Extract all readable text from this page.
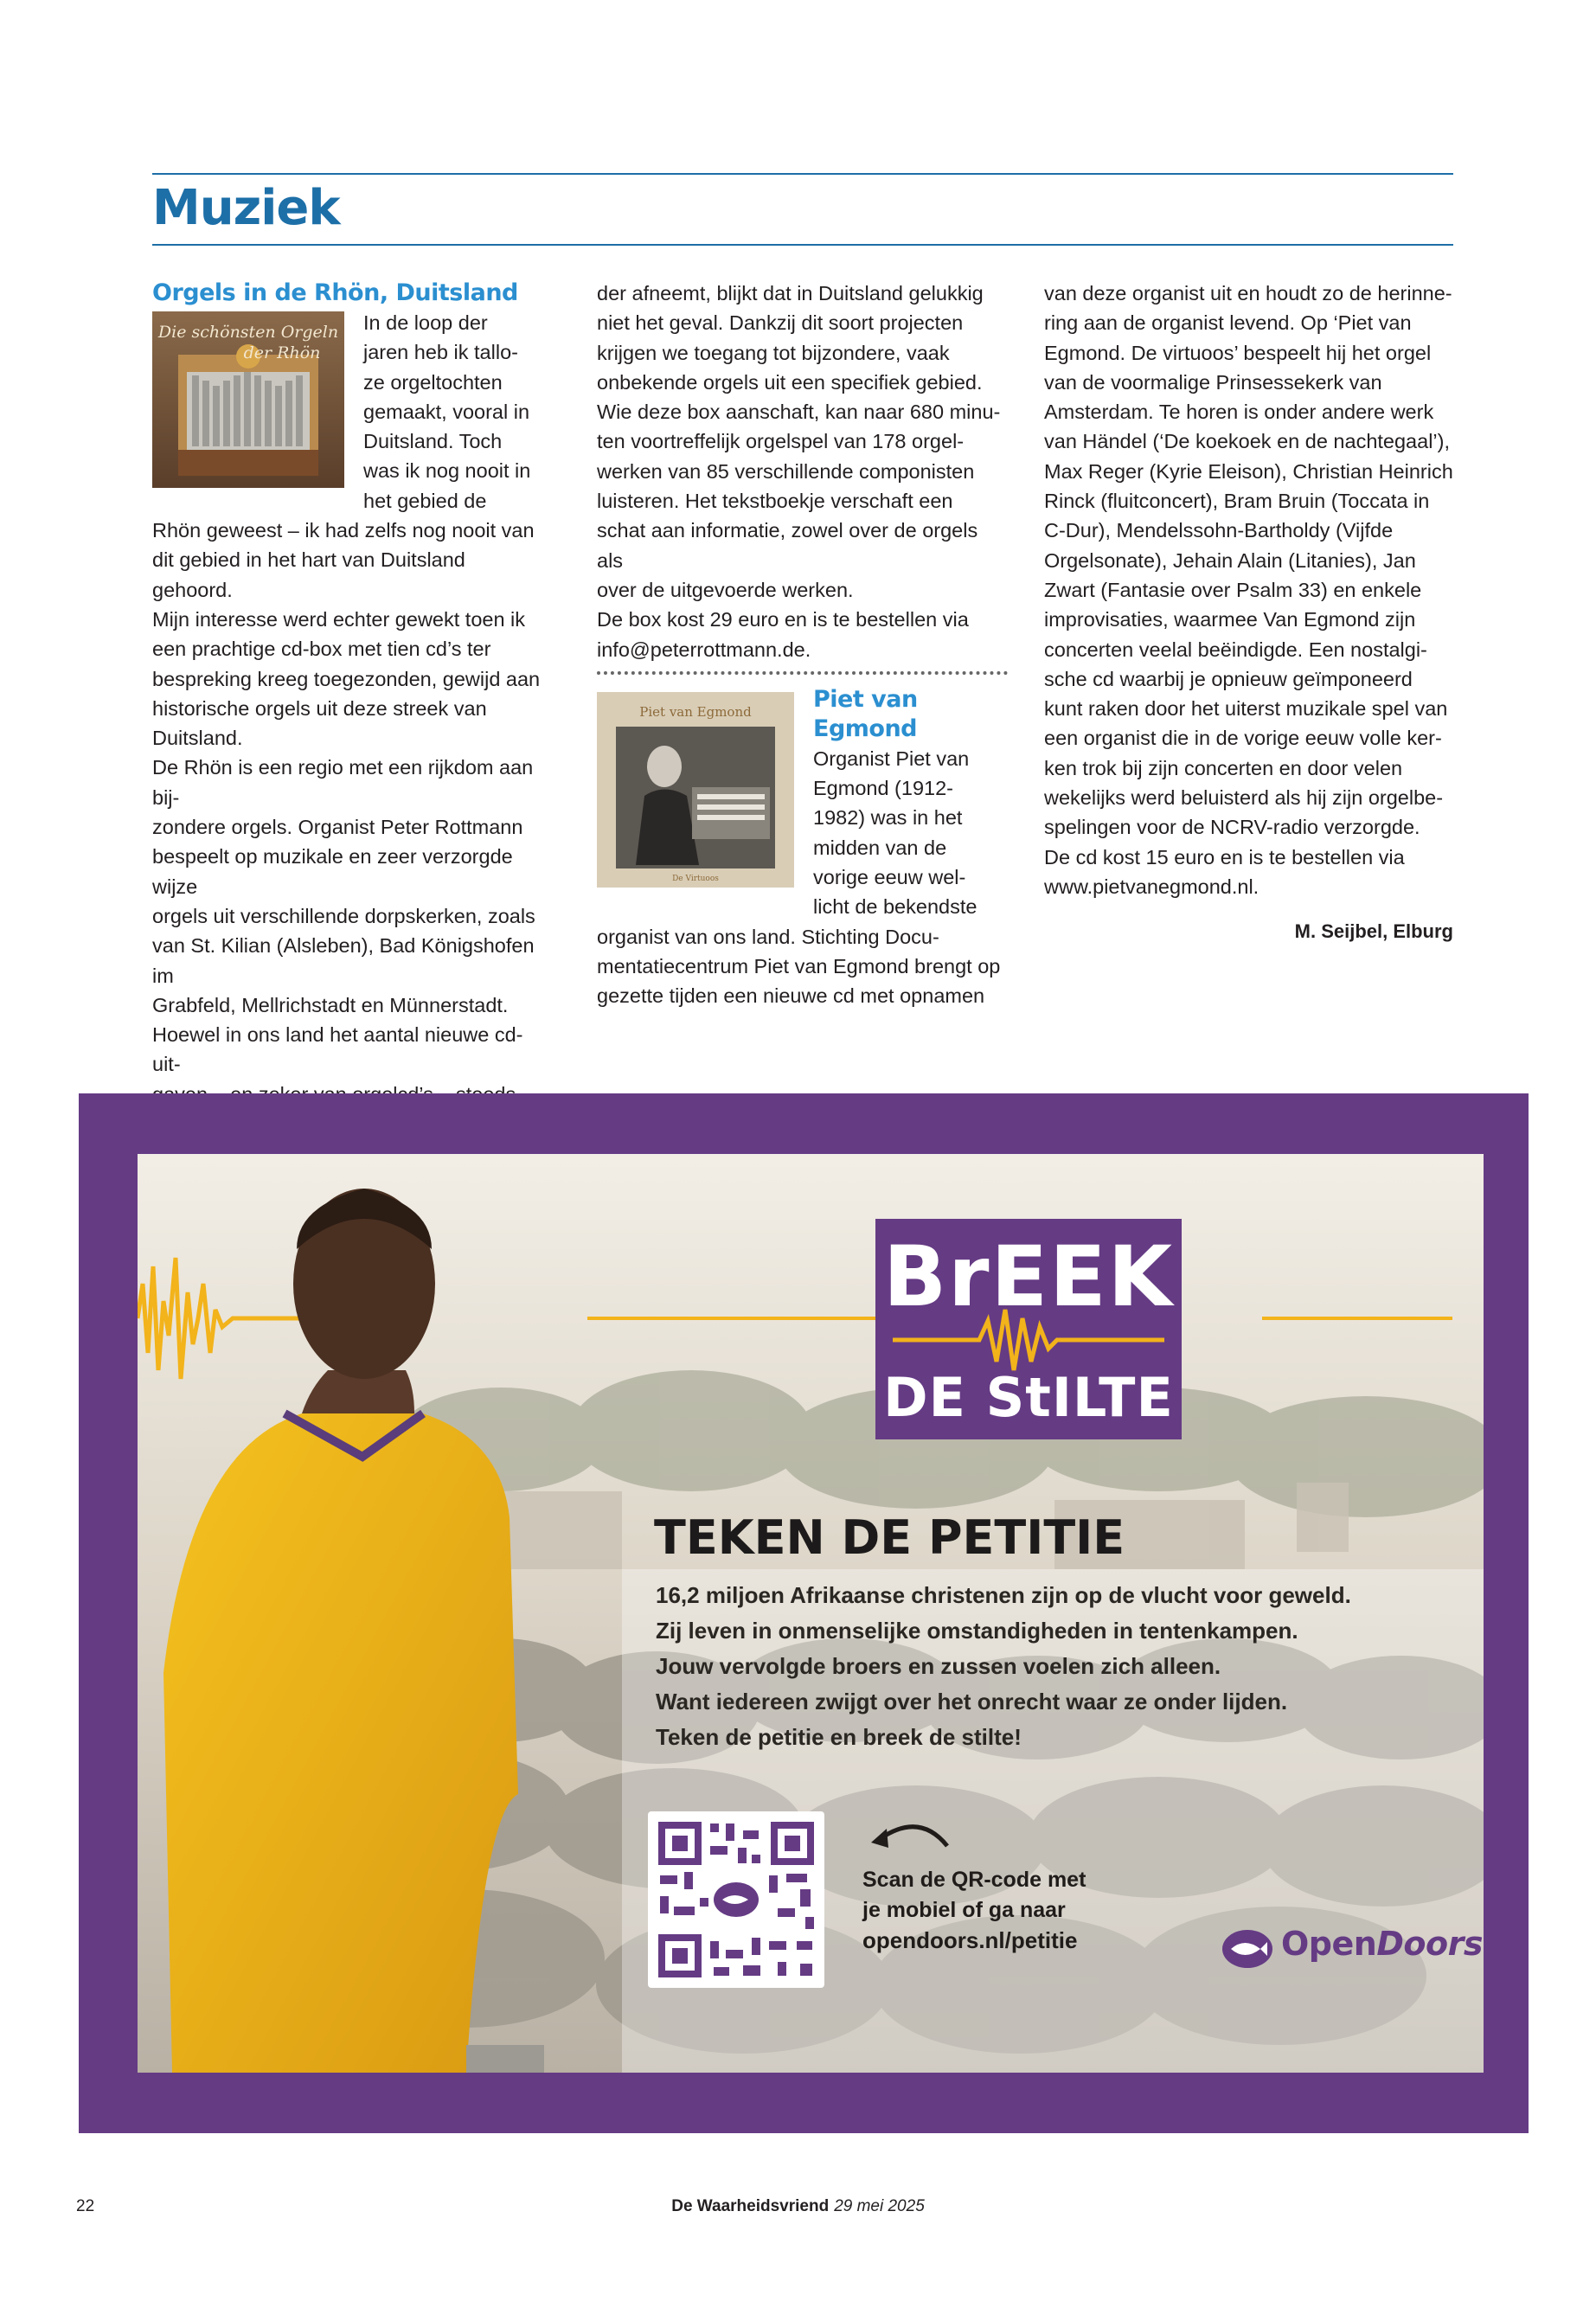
Muziek
Orgels in de Rhön, Duitsland
Die schönsten Orgeln
der Rhön

In de loop der

jaren heb ik tallo-

ze orgeltochten

gemaakt, vooral in

Duitsland. Toch

was ik nog nooit in

het gebied de

Rhön geweest – ik had zelfs nog nooit van

dit gebied in het hart van Duitsland gehoord.

Mijn interesse werd echter gewekt toen ik

een prachtige cd-box met tien cd’s ter

bespreking kreeg toegezonden, gewijd aan

historische orgels uit deze streek van

Duitsland.

De Rhön is een regio met een rijkdom aan bij-

zondere orgels. Organist Peter Rottmann

bespeelt op muzikale en zeer verzorgde wijze

orgels uit verschillende dorpskerken, zoals

van St. Kilian (Alsleben), Bad Königshofen im

Grabfeld, Mellrichstadt en Münnerstadt.

Hoewel in ons land het aantal nieuwe cd-uit-

der afneemt, blijkt dat in Duitsland gelukkig

niet het geval. Dankzij dit soort projecten

krijgen we toegang tot bijzondere, vaak

onbekende orgels uit een specifiek gebied.

Wie deze box aanschaft, kan naar 680 minu-

ten voortreffelijk orgelspel van 178 orgel-

werken van 85 verschillende componisten

luisteren. Het tekstboekje verschaft een

schat aan informatie, zowel over de orgels als

over de uitgevoerde werken.

De box kost 29 euro en is te bestellen via

info@peterrottmann.de.

Piet van Egmond
De Virtuoos
Piet van Egmond

Organist Piet van

Egmond (1912-

1982) was in het

midden van de

vorige eeuw wel-

licht de bekendste

organist van ons land. Stichting Docu-

mentatiecentrum Piet van Egmond brengt op

gezette tijden een nieuwe cd met opnamen

van deze organist uit en houdt zo de herinne-

ring aan de organist levend. Op ‘Piet van

Egmond. De virtuoos’ bespeelt hij het orgel

van de voormalige Prinsessekerk van

Amsterdam. Te horen is onder andere werk

van Händel (‘De koekoek en de nachtegaal’),

Max Reger (Kyrie Eleison), Christian Heinrich

Rinck (fluitconcert), Bram Bruin (Toccata in

C-Dur), Mendelssohn-Bartholdy (Vijfde

Orgelsonate), Jehain Alain (Litanies), Jan

Zwart (Fantasie over Psalm 33) en enkele

improvisaties, waarmee Van Egmond zijn

concerten veelal beëindigde. Een nostalgi-

sche cd waarbij je opnieuw geïmponeerd

kunt raken door het uiterst muzikale spel van

een organist die in de vorige eeuw volle ker-

ken trok bij zijn concerten en door velen

wekelijks werd beluisterd als hij zijn orgelbe-

spelingen voor de NCRV-radio verzorgde.

De cd kost 15 euro en is te bestellen via

www.pietvanegmond.nl.

M. Seijbel, Elburg
BrEEK
DE StILTE
TEKEN DE PETITIE
16,2 miljoen Afrikaanse christenen zijn op de vlucht voor geweld.
Zij leven in onmenselijke omstandigheden in tentenkampen.
Jouw vervolgde broers en zussen voelen zich alleen.
Want iedereen zwijgt over het onrecht waar ze onder lijden.
Teken de petitie en breek de stilte!
Scan de QR-code met
je mobiel of ga naar
opendoors.nl/petitie	OpenDoors
22	De Waarheidsvriend 29 mei 2025
